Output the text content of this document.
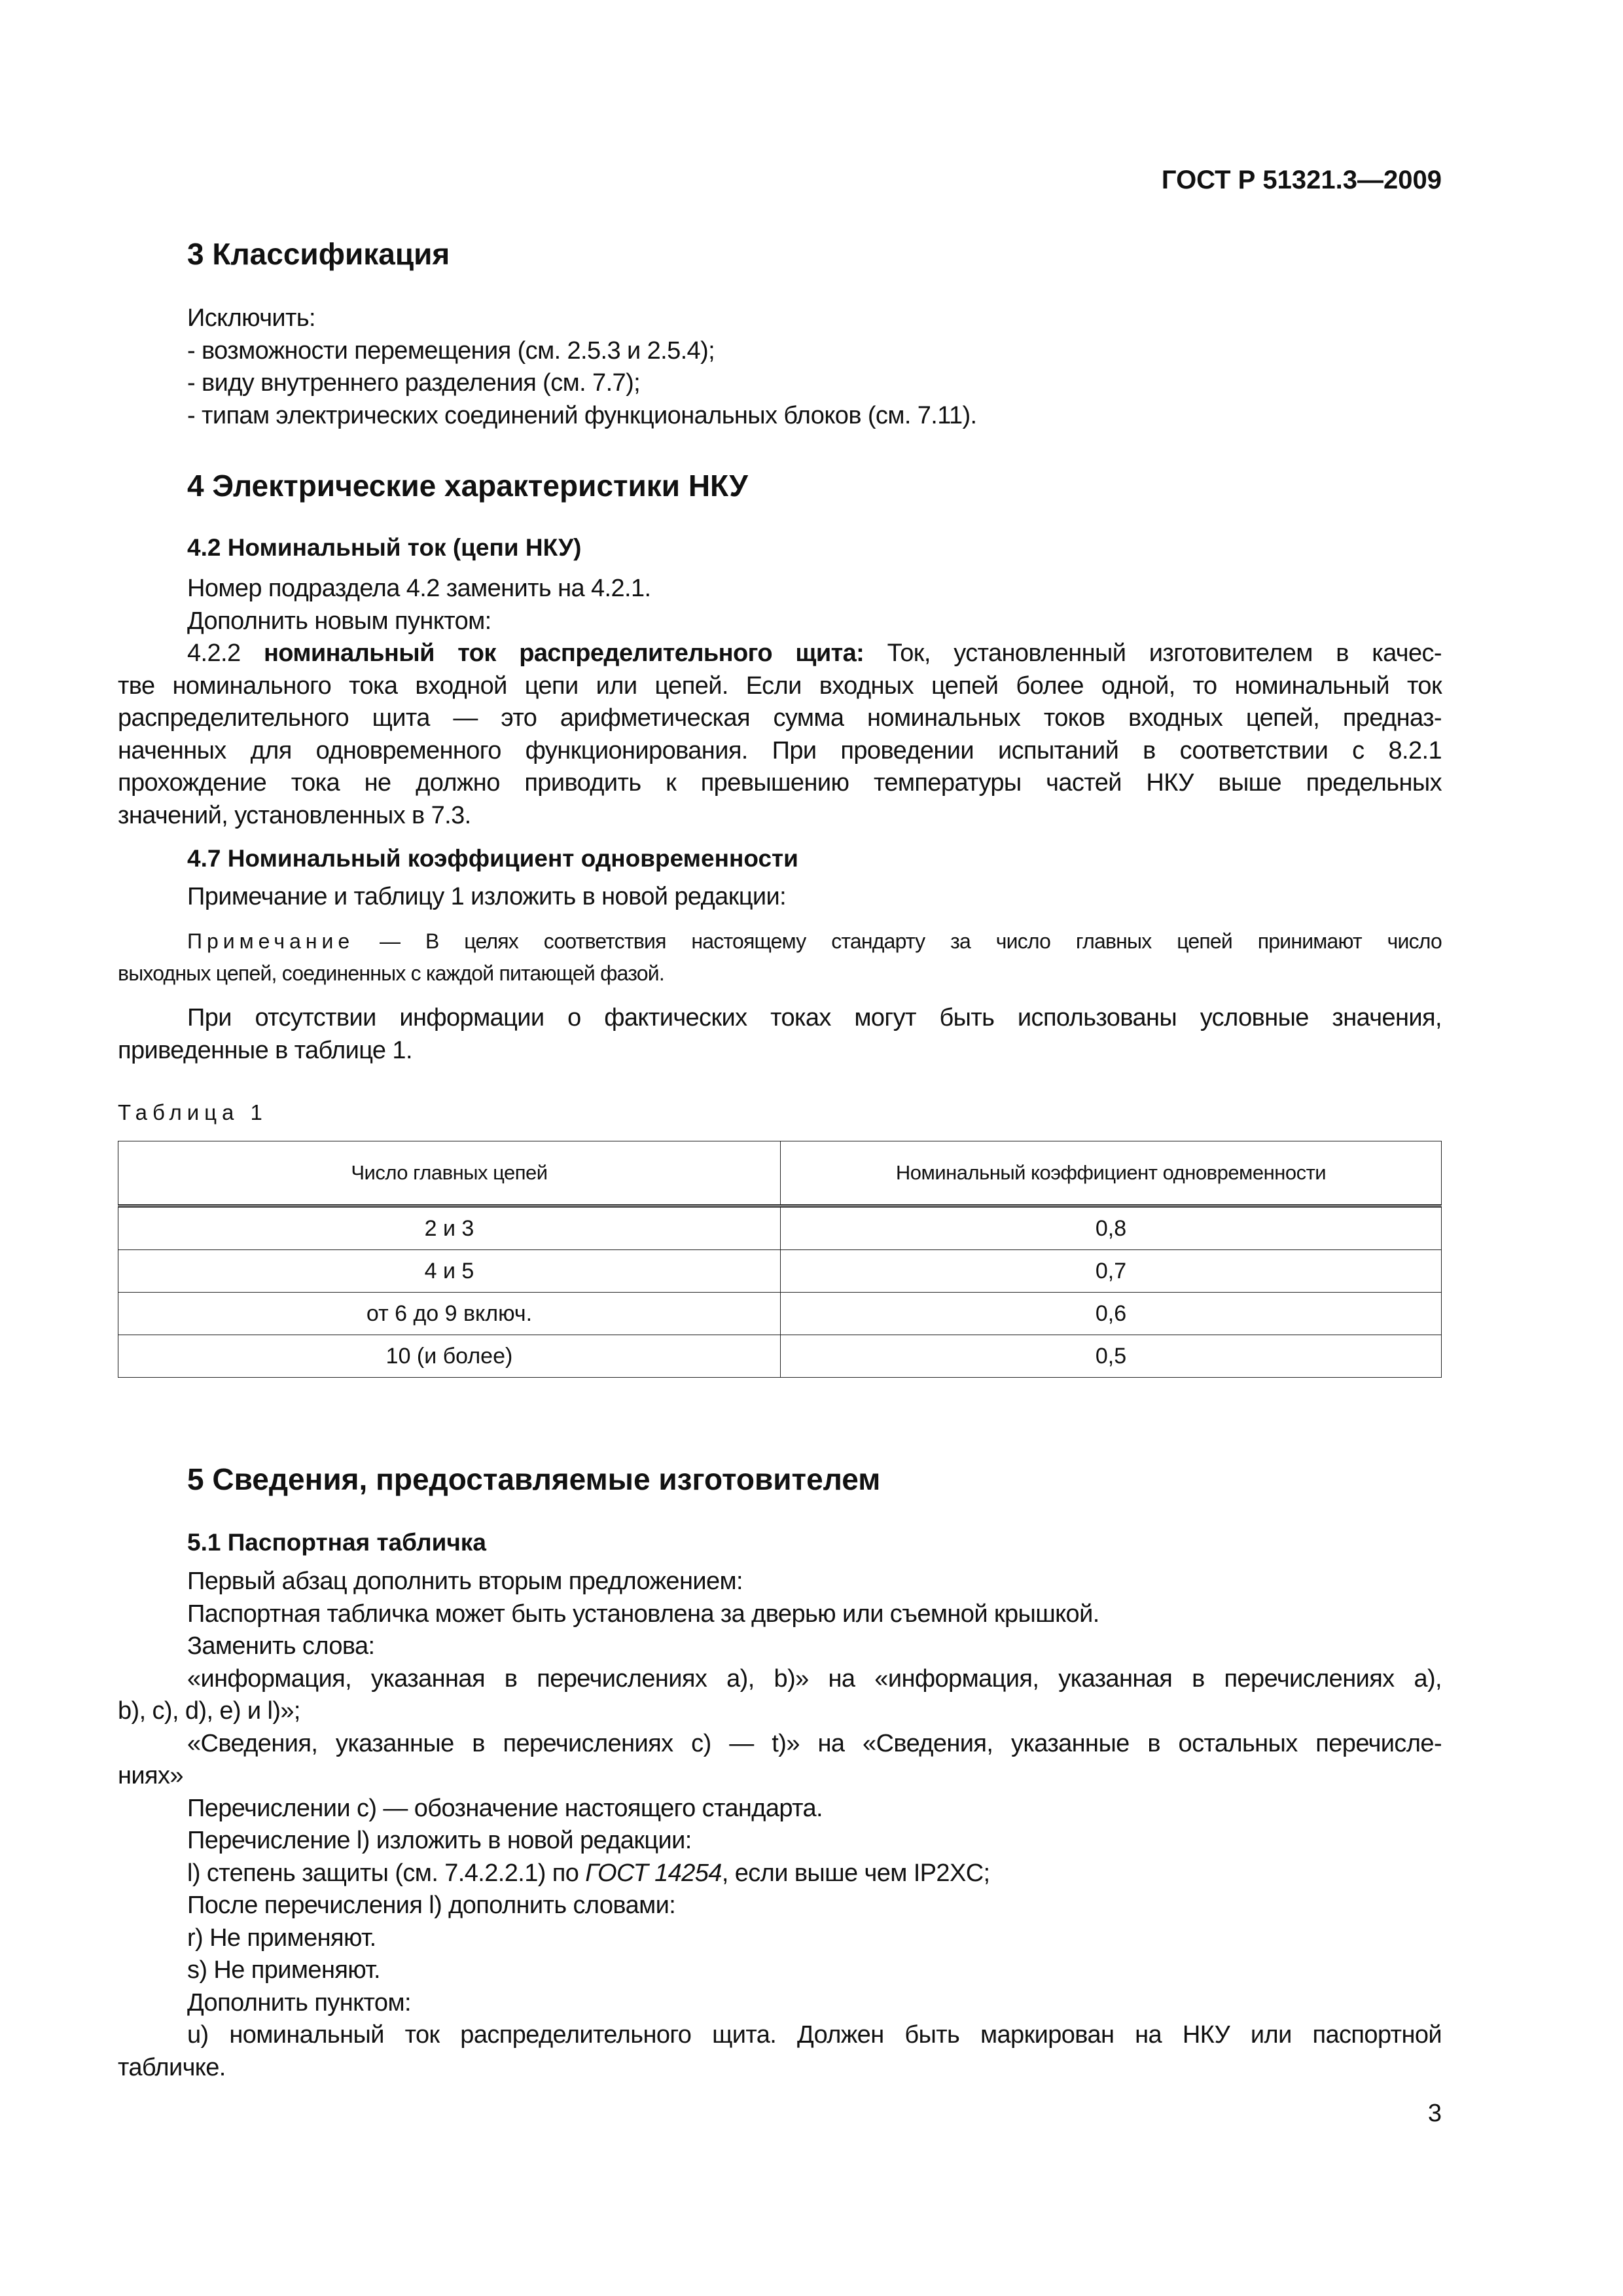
ГОСТ Р 51321.3—2009
3 Классификация
Исключить:
- возможности перемещения (см. 2.5.3 и 2.5.4);
- виду внутреннего разделения (см. 7.7);
- типам электрических соединений функциональных блоков (см. 7.11).
4 Электрические характеристики НКУ
4.2 Номинальный ток (цепи НКУ)
Номер подраздела 4.2 заменить на 4.2.1.
Дополнить новым пунктом:
4.2.2 номинальный ток распределительного щита: Ток, установленный изготовителем в качес-
тве номинального тока входной цепи или цепей. Если входных цепей более одной, то номинальный ток
распределительного щита — это арифметическая сумма номинальных токов входных цепей, предназ-
наченных для одновременного функционирования. При проведении испытаний в соответствии с 8.2.1
прохождение тока не должно приводить к превышению температуры частей НКУ выше предельных
значений, установленных в 7.3.
4.7 Номинальный коэффициент одновременности
Примечание и таблицу 1 изложить в новой редакции:
Примечание — В целях соответствия настоящему стандарту за число главных цепей принимают число
выходных цепей, соединенных с каждой питающей фазой.
При отсутствии информации о фактических токах могут быть использованы условные значения,
приведенные в таблице 1.
Таблица 1
Число главных цепей	Номинальный коэффициент одновременности
2 и 3	0,8
4 и 5	0,7
от 6 до 9 включ.	0,6
10 (и более)	0,5
5 Сведения, предоставляемые изготовителем
5.1 Паспортная табличка
Первый абзац дополнить вторым предложением:
Паспортная табличка может быть установлена за дверью или съемной крышкой.
Заменить слова:
«информация, указанная в перечислениях a), b)» на «информация, указанная в перечислениях a),
b), c), d), e) и l)»;
«Сведения, указанные в перечислениях с) — t)» на «Сведения, указанные в остальных перечисле-
ниях»
Перечислении с) — обозначение настоящего стандарта.
Перечисление l) изложить в новой редакции:
l) степень защиты (см. 7.4.2.2.1) по ГОСТ 14254, если выше чем IP2XC;
После перечисления l) дополнить словами:
r) Не применяют.
s) Не применяют.
Дополнить пунктом:
u) номинальный ток распределительного щита. Должен быть маркирован на НКУ или паспортной
табличке.
3
